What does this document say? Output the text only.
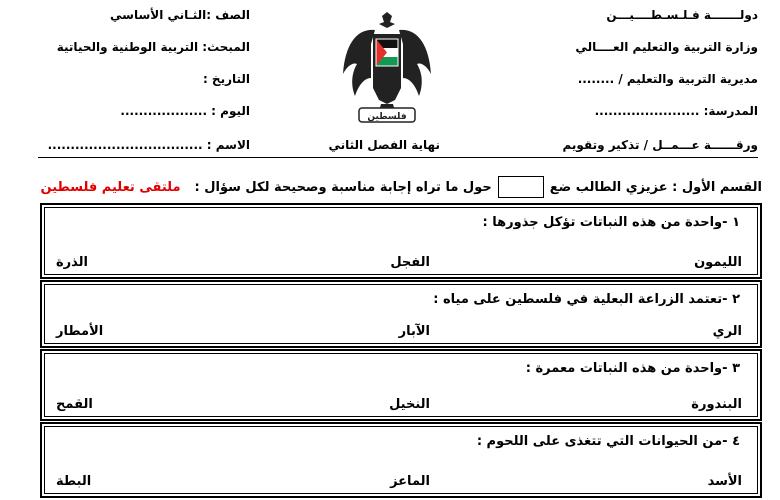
دولـــــــة فـلـسـطــــيـــن
وزارة التربية والتعليم العــــالي
مديرية التربية والتعليم / ........
المدرسة: .......................
ورقــــــة عـــمــل / تذكير وتقويم
فلسطين
نهاية الفصل الثاني
الصف :الثـاني الأساسي
المبحث: التربية الوطنية والحياتية
التاريخ :
اليوم : ...................
الاسم : ..................................
القسم الأول : عزيزي الطالب ضع
حول ما تراه إجابة مناسبة وصحيحة لكل سؤال :
ملتقى تعليم فلسطين
١ -واحدة من هذه النباتات تؤكل جذورها :
الليمون
الفجل
الذرة
٢ -تعتمد الزراعة البعلية في فلسطين على مياه :
الري
الآبار
الأمطار
٣ -واحدة من هذه النباتات معمرة :
البندورة
النخيل
القمح
٤ -من الحيوانات التي تتغذى على اللحوم :
الأسد
الماعز
البطة
